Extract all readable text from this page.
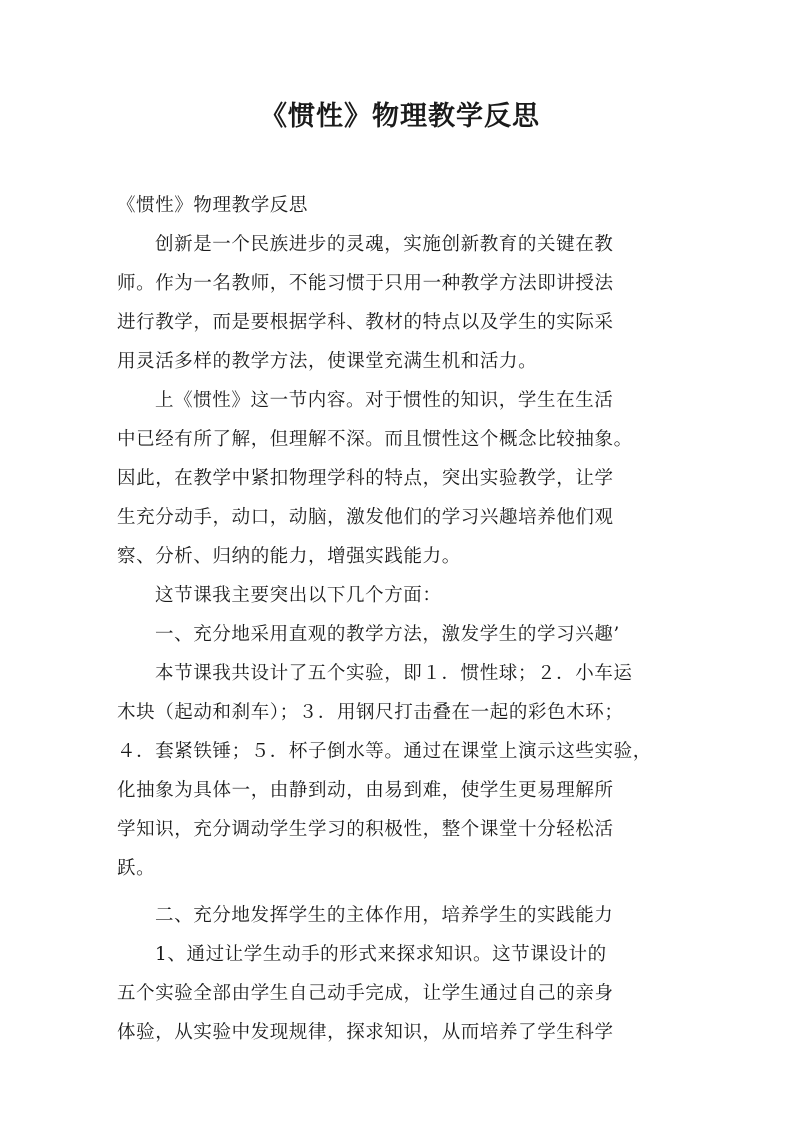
《惯性》物理教学反思
《惯性》物理教学反思
创新是一个民族进步的灵魂，实施创新教育的关键在教
师。作为一名教师，不能习惯于只用一种教学方法即讲授法
进行教学，而是要根据学科、教材的特点以及学生的实际采
用灵活多样的教学方法，使课堂充满生机和活力。
上《惯性》这一节内容。对于惯性的知识，学生在生活
中已经有所了解，但理解不深。而且惯性这个概念比较抽象。
因此，在教学中紧扣物理学科的特点，突出实验教学，让学
生充分动手，动口，动脑，激发他们的学习兴趣培养他们观
察、分析、归纳的能力，增强实践能力。
这节课我主要突出以下几个方面：
一、充分地采用直观的教学方法，激发学生的学习兴趣’
本节课我共设计了五个实验，即１．惯性球；２．小车运
木块（起动和刹车）；３．用钢尺打击叠在一起的彩色木环；
４．套紧铁锤；５．杯子倒水等。通过在课堂上演示这些实验，
化抽象为具体一，由静到动，由易到难，使学生更易理解所
学知识，充分调动学生学习的积极性，整个课堂十分轻松活
跃。
二、充分地发挥学生的主体作用，培养学生的实践能力
1、通过让学生动手的形式来探求知识。这节课设计的
五个实验全部由学生自己动手完成，让学生通过自己的亲身
体验，从实验中发现规律，探求知识，从而培养了学生科学
